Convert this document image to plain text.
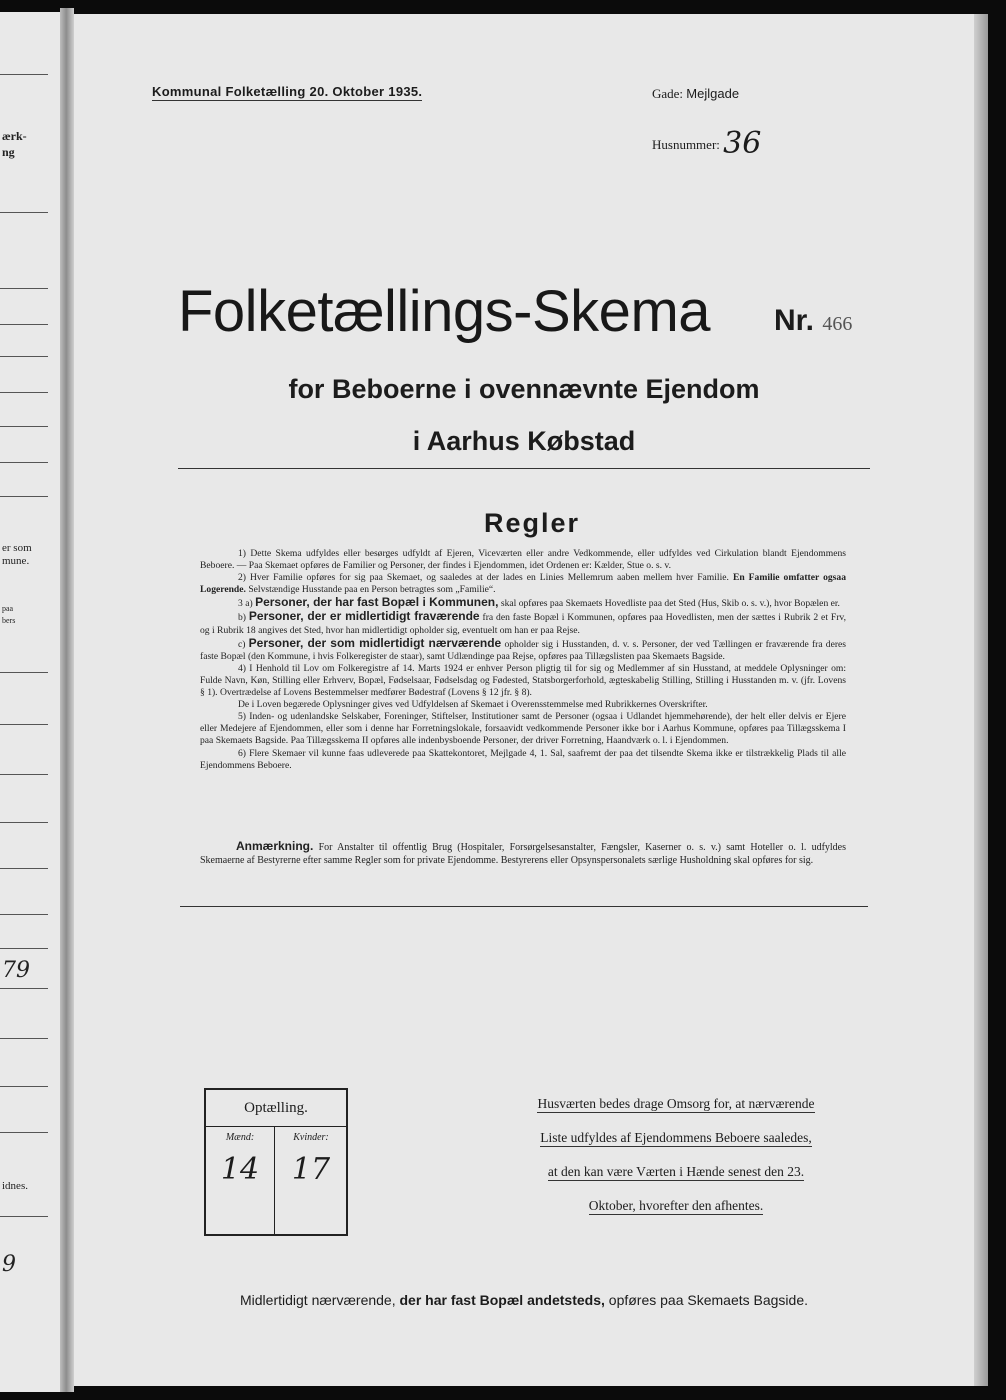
ærk-
ng
er som
mune.
paa
bers
79
idnes.
9
Kommunal Folketælling 20. Oktober 1935.	Gade: Mejlgade
Husnummer: 36
Folketællings-Skema Nr. 466
for Beboerne i ovennævnte Ejendom
i Aarhus Købstad
Regler

1) Dette Skema udfyldes eller besørges udfyldt af Ejeren, Viceværten eller andre Vedkommende, eller udfyldes ved Cirkulation blandt Ejendommens Beboere. — Paa Skemaet opføres de Familier og Personer, der findes i Ejendommen, idet Ordenen er: Kælder, Stue o. s. v.

2) Hver Familie opføres for sig paa Skemaet, og saaledes at der lades en Linies Mellemrum aaben mellem hver Familie. En Familie omfatter ogsaa Logerende. Selvstændige Husstande paa en Person betragtes som „Familie“.

3 a) Personer, der har fast Bopæl i Kommunen, skal opføres paa Skemaets Hovedliste paa det Sted (Hus, Skib o. s. v.), hvor Bopælen er.

b) Personer, der er midlertidigt fraværende fra den faste Bopæl i Kommunen, opføres paa Hovedlisten, men der sættes i Rubrik 2 et Frv, og i Rubrik 18 angives det Sted, hvor han midlertidigt opholder sig, eventuelt om han er paa Rejse.

c) Personer, der som midlertidigt nærværende opholder sig i Husstanden, d. v. s. Personer, der ved Tællingen er fraværende fra deres faste Bopæl (den Kommune, i hvis Folkeregister de staar), samt Udlændinge paa Rejse, opføres paa Tillægslisten paa Skemaets Bagside.

4) I Henhold til Lov om Folkeregistre af 14. Marts 1924 er enhver Person pligtig til for sig og Medlemmer af sin Husstand, at meddele Oplysninger om: Fulde Navn, Køn, Stilling eller Erhverv, Bopæl, Fødselsaar, Fødselsdag og Fødested, Statsborgerforhold, ægteskabelig Stilling, Stilling i Husstanden m. v. (jfr. Lovens § 1). Overtrædelse af Lovens Bestemmelser medfører Bødestraf (Lovens § 12 jfr. § 8).

De i Loven begærede Oplysninger gives ved Udfyldelsen af Skemaet i Overensstemmelse med Rubrikkernes Overskrifter.

5) Inden- og udenlandske Selskaber, Foreninger, Stiftelser, Institutioner samt de Personer (ogsaa i Udlandet hjemmehørende), der helt eller delvis er Ejere eller Medejere af Ejendommen, eller som i denne har Forretningslokale, forsaavidt vedkommende Personer ikke bor i Aarhus Kommune, opføres paa Tillægsskema I paa Skemaets Bagside. Paa Tillægsskema II opføres alle indenbysboende Personer, der driver Forretning, Haandværk o. l. i Ejendommen.

6) Flere Skemaer vil kunne faas udleverede paa Skattekontoret, Mejlgade 4, 1. Sal, saafremt der paa det tilsendte Skema ikke er tilstrækkelig Plads til alle Ejendommens Beboere.

Anmærkning. For Anstalter til offentlig Brug (Hospitaler, Forsørgelsesanstalter, Fængsler, Kaserner o. s. v.) samt Hoteller o. l. udfyldes Skemaerne af Bestyrerne efter samme Regler som for private Ejendomme. Bestyrerens eller Opsynspersonalets særlige Husholdning skal opføres for sig.
Optælling.
Mænd:	Kvinder:
14	17
Husværten bedes drage Omsorg for, at nærværende
Liste udfyldes af Ejendommens Beboere saaledes,
at den kan være Værten i Hænde senest den 23.
Oktober, hvorefter den afhentes.
Midlertidigt nærværende, der har fast Bopæl andetsteds, opføres paa Skemaets Bagside.
